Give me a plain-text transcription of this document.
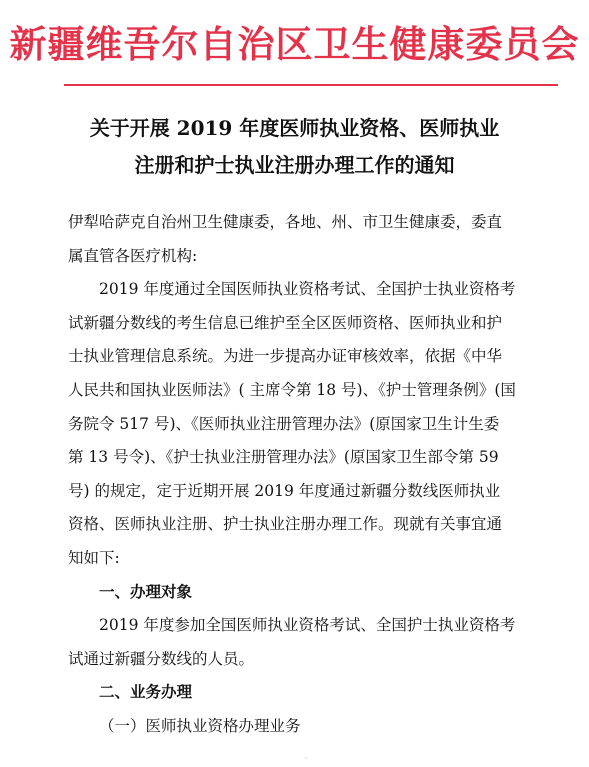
新疆维吾尔自治区卫生健康委员会
关于开展 2019 年度医师执业资格、医师执业
注册和护士执业注册办理工作的通知
伊犁哈萨克自治州卫生健康委，各地、州、市卫生健康委，委直
属直管各医疗机构:
2019 年度通过全国医师执业资格考试、全国护士执业资格考
试新疆分数线的考生信息已维护至全区医师资格、医师执业和护
士执业管理信息系统。为进一步提高办证审核效率，依据《中华
人民共和国执业医师法》( 主席令第 18 号)、《护士管理条例》(国
务院令 517 号)、《医师执业注册管理办法》(原国家卫生计生委
第 13 号令)、《护士执业注册管理办法》(原国家卫生部令第 59
号) 的规定，定于近期开展 2019 年度通过新疆分数线医师执业
资格、医师执业注册、护士执业注册办理工作。现就有关事宜通
知如下:
一、办理对象
2019 年度参加全国医师执业资格考试、全国护士执业资格考
试通过新疆分数线的人员。
二、业务办理
（一）医师执业资格办理业务
˙
